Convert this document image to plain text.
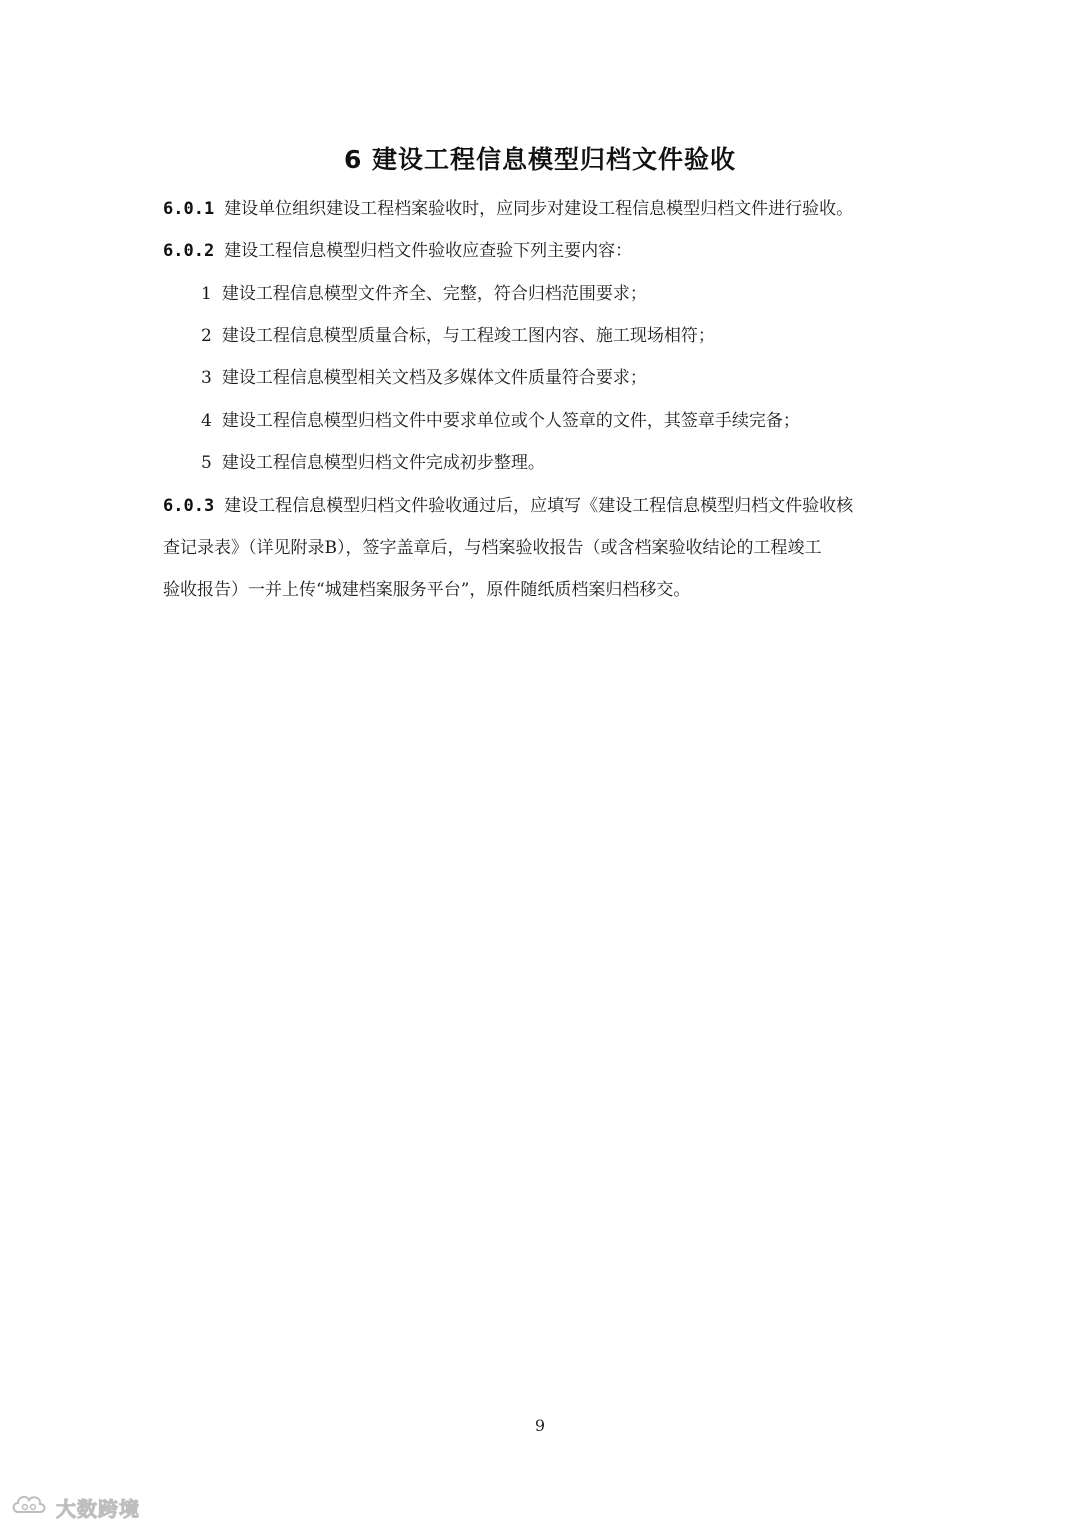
6 建设工程信息模型归档文件验收
6.0.1 建设单位组织建设工程档案验收时，应同步对建设工程信息模型归档文件进行验收。
6.0.2 建设工程信息模型归档文件验收应查验下列主要内容：
1 建设工程信息模型文件齐全、完整，符合归档范围要求；
2 建设工程信息模型质量合标，与工程竣工图内容、施工现场相符；
3 建设工程信息模型相关文档及多媒体文件质量符合要求；
4 建设工程信息模型归档文件中要求单位或个人签章的文件，其签章手续完备；
5 建设工程信息模型归档文件完成初步整理。
6.0.3 建设工程信息模型归档文件验收通过后，应填写《建设工程信息模型归档文件验收核
查记录表》（详见附录B），签字盖章后，与档案验收报告（或含档案验收结论的工程竣工
验收报告）一并上传“城建档案服务平台”，原件随纸质档案归档移交。
9
大数跨境
